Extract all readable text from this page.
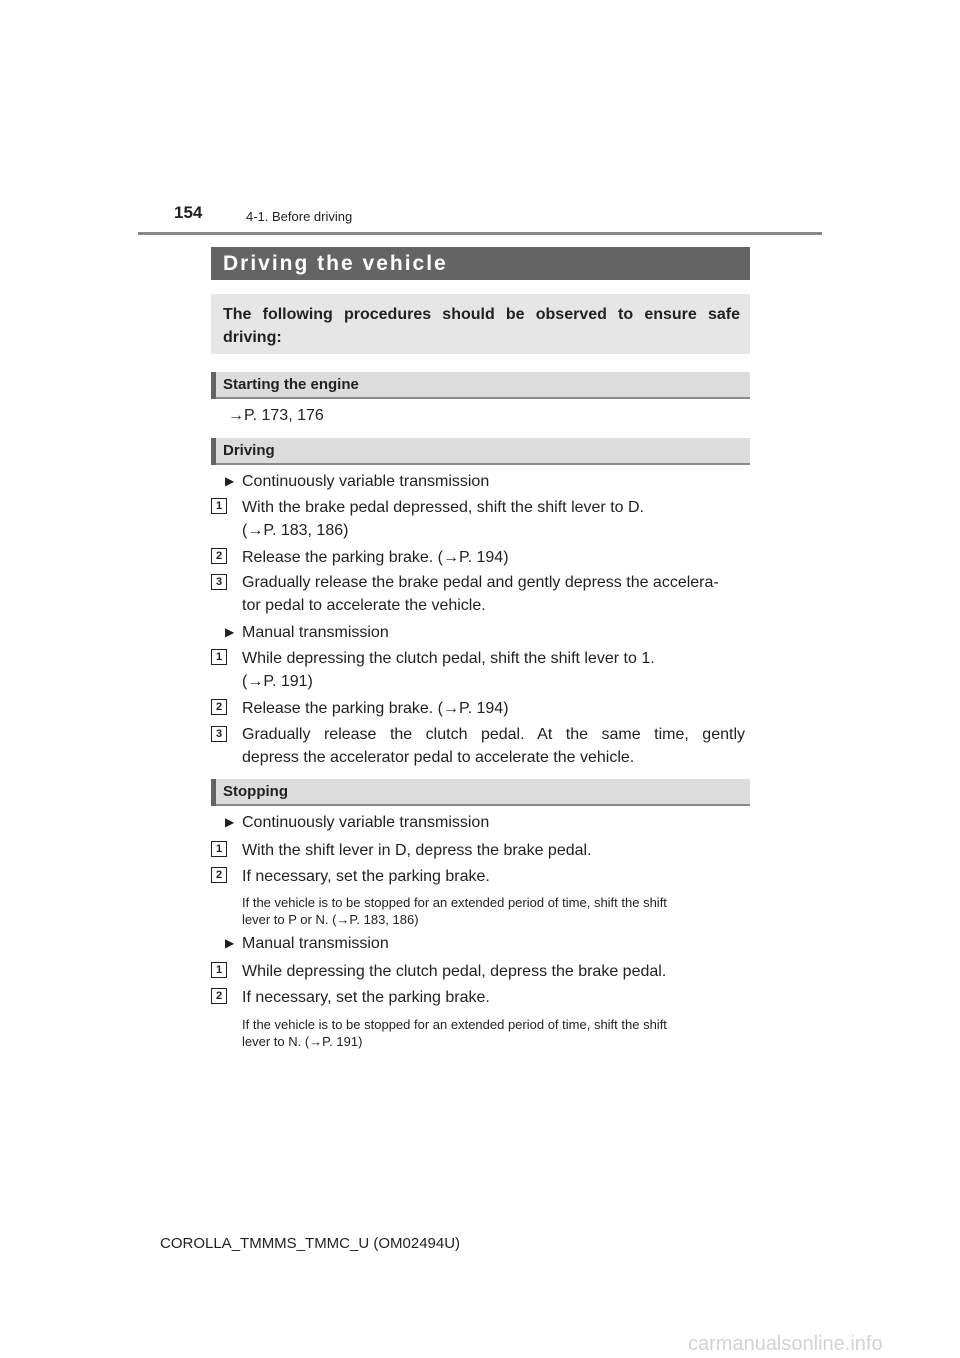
154	4-1. Before driving
Driving the vehicle
The following procedures should be observed to ensure safe driving:
Starting the engine
→P. 173, 176
Driving
▶ Continuously variable transmission
1	With the brake pedal depressed, shift the shift lever to D.
(→P. 183, 186)
2	Release the parking brake. (→P. 194)
3	Gradually release the brake pedal and gently depress the accelera-
tor pedal to accelerate the vehicle.
▶ Manual transmission
1	While depressing the clutch pedal, shift the shift lever to 1.
(→P. 191)
2	Release the parking brake. (→P. 194)
3	Gradually release the clutch pedal. At the same time, gently
depress the accelerator pedal to accelerate the vehicle.
Stopping
▶ Continuously variable transmission
1	With the shift lever in D, depress the brake pedal.
2	If necessary, set the parking brake.
If the vehicle is to be stopped for an extended period of time, shift the shift
lever to P or N. (→P. 183, 186)
▶ Manual transmission
1	While depressing the clutch pedal, depress the brake pedal.
2	If necessary, set the parking brake.
If the vehicle is to be stopped for an extended period of time, shift the shift
lever to N. (→P. 191)
COROLLA_TMMMS_TMMC_U (OM02494U)
carmanualsonline.info
